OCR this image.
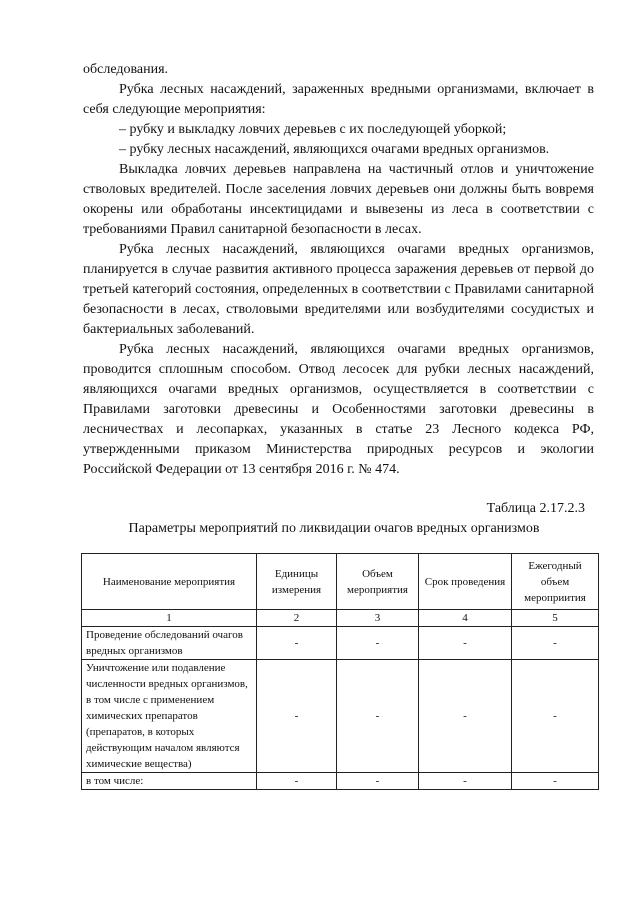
обследования.

Рубка лесных насаждений, зараженных вредными организмами, включает в себя следующие мероприятия:

– рубку и выкладку ловчих деревьев с их последующей уборкой;

– рубку лесных насаждений, являющихся очагами вредных организмов.

Выкладка ловчих деревьев направлена на частичный отлов и уничтожение стволовых вредителей. После заселения ловчих деревьев они должны быть вовремя окорены или обработаны инсектицидами и вывезены из леса в соответствии с требованиями Правил санитарной безопасности в лесах.

Рубка лесных насаждений, являющихся очагами вредных организмов, планируется в случае развития активного процесса заражения деревьев от первой до третьей категорий состояния, определенных в соответствии с Правилами санитарной безопасности в лесах, стволовыми вредителями или возбудителями сосудистых и бактериальных заболеваний.

Рубка лесных насаждений, являющихся очагами вредных организмов, проводится сплошным способом. Отвод лесосек для рубки лесных насаждений, являющихся очагами вредных организмов, осуществляется в соответствии с Правилами заготовки древесины и Особенностями заготовки древесины в лесничествах и лесопарках, указанных в статье 23 Лесного кодекса РФ, утвержденными приказом Министерства природных ресурсов и экологии Российской Федерации от 13 сентября 2016 г. № 474.

Таблица 2.17.2.3

Параметры мероприятий по ликвидации очагов вредных организмов

Наименование мероприятия	Единицы измерения	Объем мероприятия	Срок проведения	Ежегодный объем мероприития
1	2	3	4	5
Проведение обследований очагов вредных организмов	-	-	-	-
Уничтожение или подавление численности вредных организмов, в том числе с применением химических препаратов (препаратов, в которых действующим началом являются химические вещества)	-	-	-	-
в том числе:	-	-	-	-
